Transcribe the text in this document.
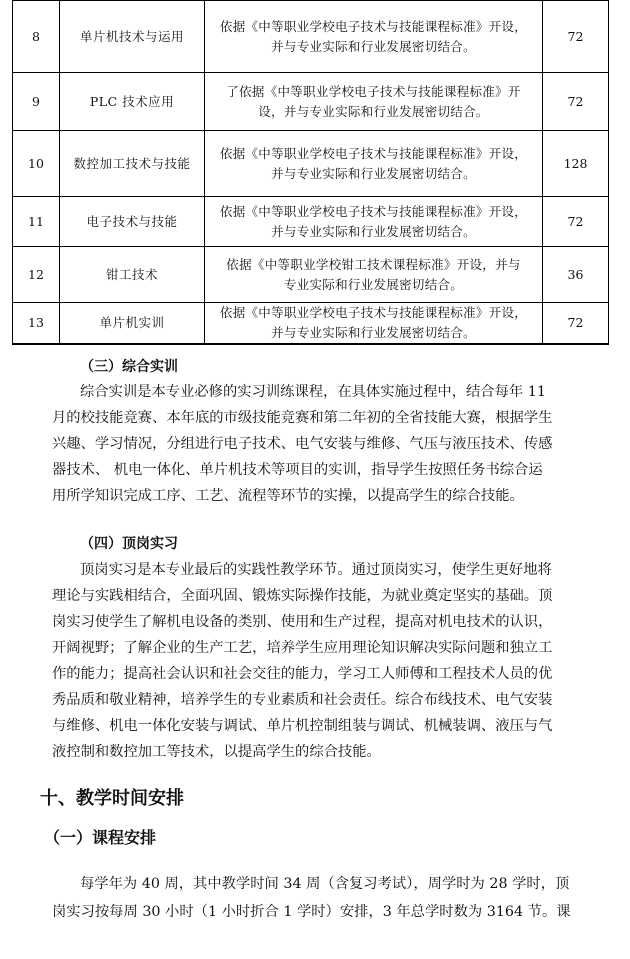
8	单片机技术与运用	依据《中等职业学校电子技术与技能课程标准》开设，
并与专业实际和行业发展密切结合。	72
9	PLC 技术应用	了依据《中等职业学校电子技术与技能课程标准》开
设，并与专业实际和行业发展密切结合。	72
10	数控加工技术与技能	依据《中等职业学校电子技术与技能课程标准》开设，
并与专业实际和行业发展密切结合。	128
11	电子技术与技能	依据《中等职业学校电子技术与技能课程标准》开设，
并与专业实际和行业发展密切结合。	72
12	钳工技术	依据《中等职业学校钳工技术课程标准》开设，并与
专业实际和行业发展密切结合。	36
13	单片机实训	依据《中等职业学校电子技术与技能课程标准》开设，
并与专业实际和行业发展密切结合。	72
（三）综合实训
综合实训是本专业必修的实习训练课程，在具体实施过程中，结合每年 11
月的校技能竞赛、本年底的市级技能竞赛和第二年初的全省技能大赛，根据学生
兴趣、学习情况，分组进行电子技术、电气安装与维修、气压与液压技术、传感
器技术、 机电一体化、单片机技术等项目的实训，指导学生按照任务书综合运
用所学知识完成工序、工艺、流程等环节的实操，以提高学生的综合技能。
（四）顶岗实习
顶岗实习是本专业最后的实践性教学环节。通过顶岗实习，使学生更好地将
理论与实践相结合，全面巩固、锻炼实际操作技能，为就业奠定坚实的基础。顶
岗实习使学生了解机电设备的类别、使用和生产过程，提高对机电技术的认识，
开阔视野；了解企业的生产工艺，培养学生应用理论知识解决实际问题和独立工
作的能力；提高社会认识和社会交往的能力，学习工人师傅和工程技术人员的优
秀品质和敬业精神，培养学生的专业素质和社会责任。综合布线技术、电气安装
与维修、机电一体化安装与调试、单片机控制组装与调试、机械装调、液压与气
液控制和数控加工等技术，以提高学生的综合技能。
十、教学时间安排
（一）课程安排
每学年为 40 周，其中教学时间 34 周（含复习考试），周学时为 28 学时，顶
岗实习按每周 30 小时（1 小时折合 1 学时）安排，3 年总学时数为 3164 节。课
